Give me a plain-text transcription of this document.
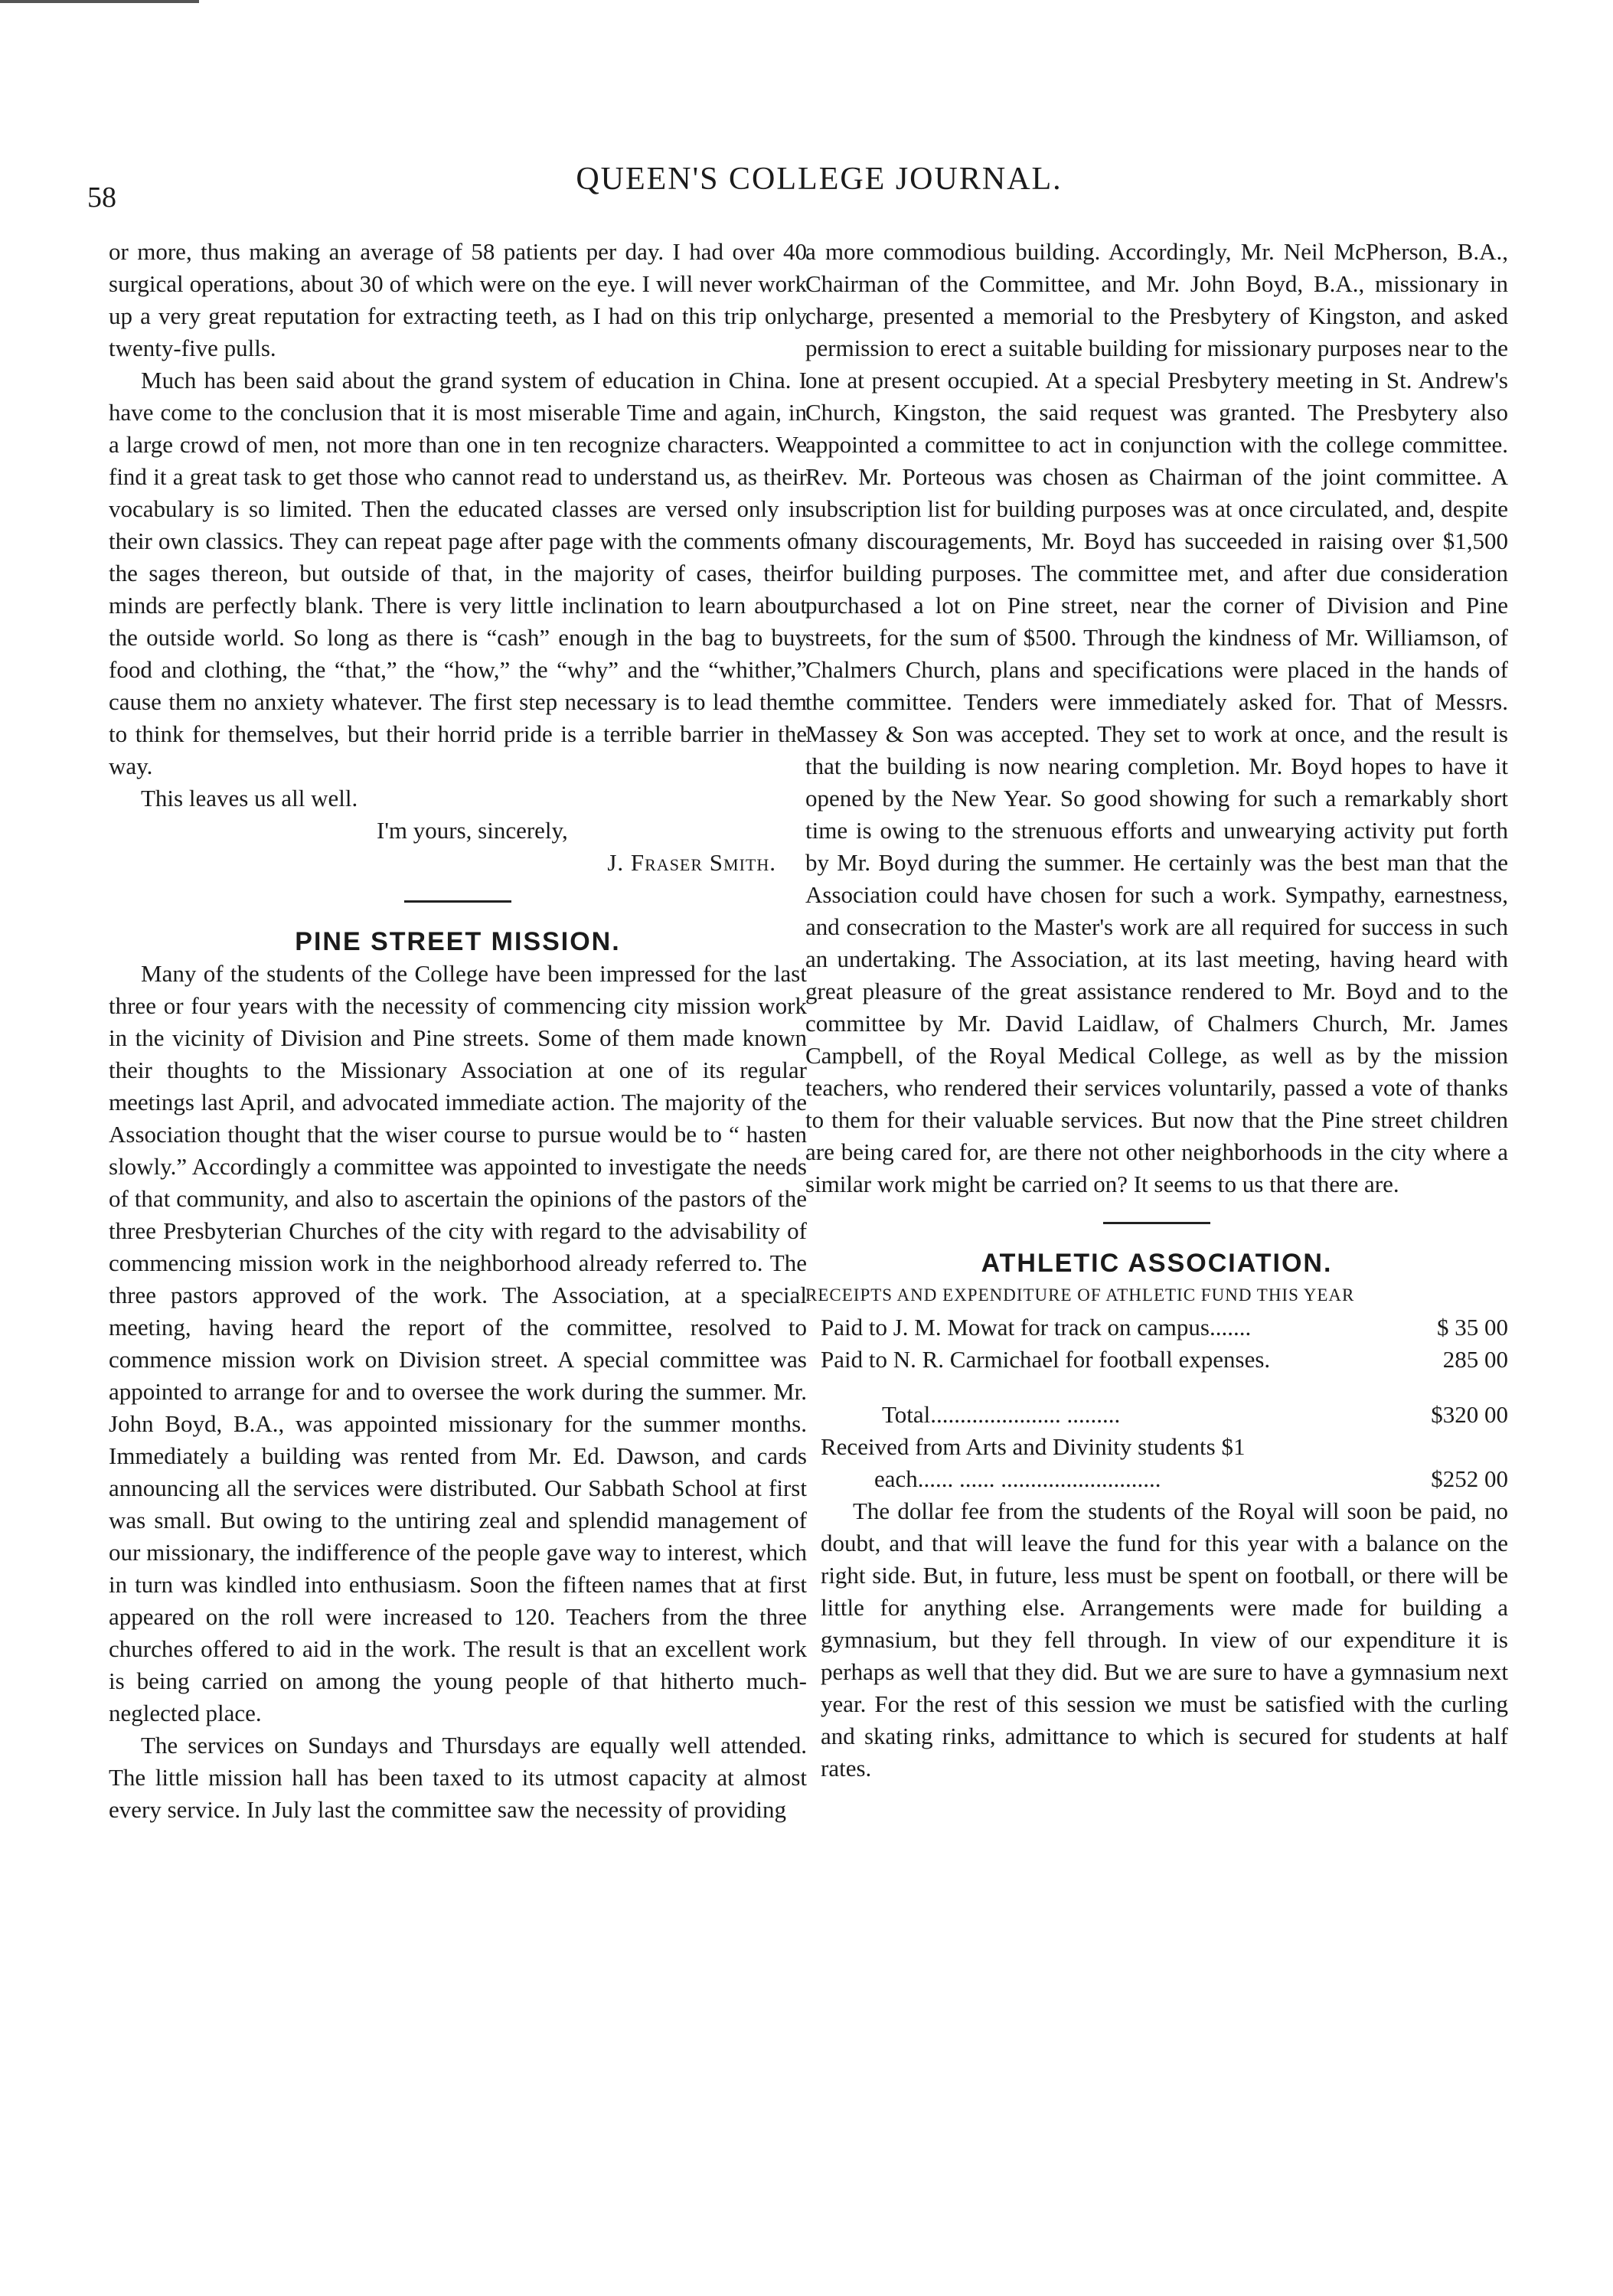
58
QUEEN'S COLLEGE JOURNAL.

or more, thus making an average of 58 patients per day. I had over 40 surgical operations, about 30 of which were on the eye. I will never work up a very great reputation for extracting teeth, as I had on this trip only twenty-five pulls.

Much has been said about the grand system of education in China. I have come to the conclusion that it is most miserable Time and again, in a large crowd of men, not more than one in ten recognize characters. We find it a great task to get those who cannot read to understand us, as their vocabulary is so limited. Then the educated classes are versed only in their own classics. They can repeat page after page with the comments of the sages thereon, but outside of that, in the majority of cases, their minds are perfectly blank. There is very little inclination to learn about the outside world. So long as there is “cash” enough in the bag to buy food and clothing, the “that,” the “how,” the “why” and the “whither,” cause them no anxiety whatever. The first step necessary is to lead them to think for themselves, but their horrid pride is a terrible barrier in the way.

This leaves us all well.

I'm yours, sincerely,

J. Fraser Smith.

PINE STREET MISSION.

Many of the students of the College have been impressed for the last three or four years with the necessity of commencing city mission work in the vicinity of Division and Pine streets. Some of them made known their thoughts to the Missionary Association at one of its regular meetings last April, and advocated immediate action. The majority of the Association thought that the wiser course to pursue would be to “ hasten slowly.” Accordingly a committee was appointed to investigate the needs of that community, and also to ascertain the opinions of the pastors of the three Presbyterian Churches of the city with regard to the advisability of commencing mission work in the neighborhood already referred to. The three pastors approved of the work. The Association, at a special meeting, having heard the report of the committee, resolved to commence mission work on Division street. A special committee was appointed to arrange for and to oversee the work during the summer. Mr. John Boyd, B.A., was appointed missionary for the summer months. Immediately a building was rented from Mr. Ed. Dawson, and cards announcing all the services were distributed. Our Sabbath School at first was small. But owing to the untiring zeal and splendid management of our missionary, the indifference of the people gave way to interest, which in turn was kindled into enthusiasm. Soon the fifteen names that at first appeared on the roll were increased to 120. Teachers from the three churches offered to aid in the work. The result is that an excellent work is being carried on among the young people of that hitherto much-neglected place.

The services on Sundays and Thursdays are equally well attended. The little mission hall has been taxed to its utmost capacity at almost every service. In July last the committee saw the necessity of providing

a more commodious building. Accordingly, Mr. Neil McPherson, B.A., Chairman of the Committee, and Mr. John Boyd, B.A., missionary in charge, presented a memorial to the Presbytery of Kingston, and asked permission to erect a suitable building for missionary purposes near to the one at present occupied. At a special Presbytery meeting in St. Andrew's Church, Kingston, the said request was granted. The Presbytery also appointed a committee to act in conjunction with the college committee. Rev. Mr. Porteous was chosen as Chairman of the joint committee. A subscription list for building purposes was at once circulated, and, despite many discouragements, Mr. Boyd has succeeded in raising over $1,500 for building purposes. The committee met, and after due consideration purchased a lot on Pine street, near the corner of Division and Pine streets, for the sum of $500. Through the kindness of Mr. Williamson, of Chalmers Church, plans and specifications were placed in the hands of the committee. Tenders were immediately asked for. That of Messrs. Massey & Son was accepted. They set to work at once, and the result is that the building is now nearing completion. Mr. Boyd hopes to have it opened by the New Year. So good showing for such a remarkably short time is owing to the strenuous efforts and unwearying activity put forth by Mr. Boyd during the summer. He certainly was the best man that the Association could have chosen for such a work. Sympathy, earnestness, and consecration to the Master's work are all required for success in such an undertaking. The Association, at its last meeting, having heard with great pleasure of the great assistance rendered to Mr. Boyd and to the committee by Mr. David Laidlaw, of Chalmers Church, Mr. James Campbell, of the Royal Medical College, as well as by the mission teachers, who rendered their services voluntarily, passed a vote of thanks to them for their valuable services. But now that the Pine street children are being cared for, are there not other neighborhoods in the city where a similar work might be carried on? It seems to us that there are.

ATHLETIC ASSOCIATION.

RECEIPTS AND EXPENDITURE OF ATHLETIC FUND THIS YEAR

Paid to J. M. Mowat for track on campus.......	$ 35 00
Paid to N. R. Carmichael for football expenses.	285 00
Total...................... .........	$320 00
Received from Arts and Divinity students $1
each...... ...... ...........................	$252 00

The dollar fee from the students of the Royal will soon be paid, no doubt, and that will leave the fund for this year with a balance on the right side. But, in future, less must be spent on football, or there will be little for anything else. Arrangements were made for building a gymnasium, but they fell through. In view of our expenditure it is perhaps as well that they did. But we are sure to have a gymnasium next year. For the rest of this session we must be satisfied with the curling and skating rinks, admittance to which is secured for students at half rates.
